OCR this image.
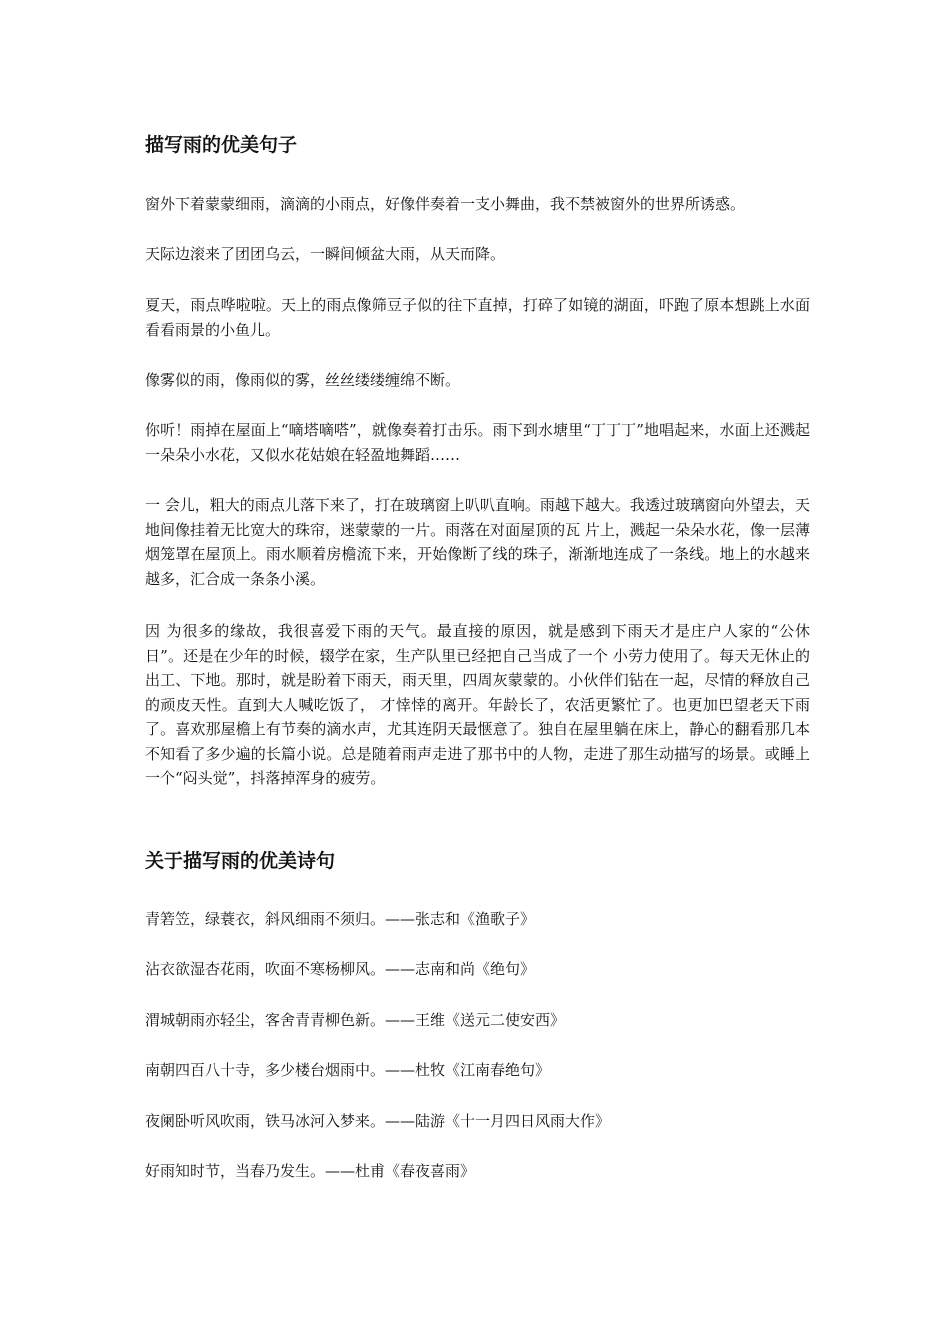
描写雨的优美句子

窗外下着蒙蒙细雨，滴滴的小雨点，好像伴奏着一支小舞曲，我不禁被窗外的世界所诱惑。

天际边滚来了团团乌云，一瞬间倾盆大雨，从天而降。

夏天，雨点哗啦啦。天上的雨点像筛豆子似的往下直掉，打碎了如镜的湖面，吓跑了原本想跳上水面看看雨景的小鱼儿。

像雾似的雨，像雨似的雾，丝丝缕缕缠绵不断。

你听！雨掉在屋面上“嘀塔嘀嗒”，就像奏着打击乐。雨下到水塘里“丁丁丁”地唱起来，水面上还溅起一朵朵小水花，又似水花姑娘在轻盈地舞蹈……

一 会儿，粗大的雨点儿落下来了，打在玻璃窗上叭叭直响。雨越下越大。我透过玻璃窗向外望去，天地间像挂着无比宽大的珠帘，迷蒙蒙的一片。雨落在对面屋顶的瓦 片上，溅起一朵朵水花，像一层薄烟笼罩在屋顶上。雨水顺着房檐流下来，开始像断了线的珠子，渐渐地连成了一条线。地上的水越来越多，汇合成一条条小溪。

因 为很多的缘故，我很喜爱下雨的天气。最直接的原因，就是感到下雨天才是庄户人家的“公休日”。还是在少年的时候，辍学在家，生产队里已经把自己当成了一个 小劳力使用了。每天无休止的出工、下地。那时，就是盼着下雨天，雨天里，四周灰蒙蒙的。小伙伴们钻在一起，尽情的释放自己的顽皮天性。直到大人喊吃饭了， 才悻悻的离开。年龄长了，农活更繁忙了。也更加巴望老天下雨了。喜欢那屋檐上有节奏的滴水声，尤其连阴天最惬意了。独自在屋里躺在床上，静心的翻看那几本 不知看了多少遍的长篇小说。总是随着雨声走进了那书中的人物，走进了那生动描写的场景。或睡上一个“闷头觉”，抖落掉浑身的疲劳。

关于描写雨的优美诗句

青箬笠，绿蓑衣，斜风细雨不须归。——张志和《渔歌子》

沾衣欲湿杏花雨，吹面不寒杨柳风。——志南和尚《绝句》

渭城朝雨亦轻尘，客舍青青柳色新。——王维《送元二使安西》

南朝四百八十寺，多少楼台烟雨中。——杜牧《江南春绝句》

夜阑卧听风吹雨，铁马冰河入梦来。——陆游《十一月四日风雨大作》

好雨知时节，当春乃发生。——杜甫《春夜喜雨》
